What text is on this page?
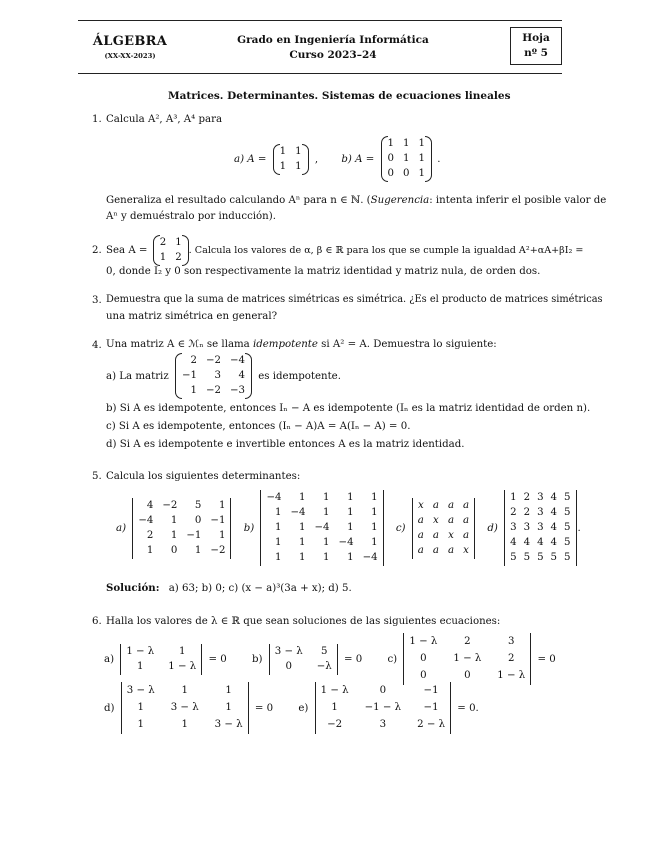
ÁLGEBRA
(XX-XX-2023)
Grado en Ingeniería Informática
Curso 2023–24
Hoja
nº 5
Matrices. Determinantes. Sistemas de ecuaciones lineales
1. Calcula A², A³, A⁴ para
a) A =
1 1
1 1
, b) A =
1 1 1
0 1 1
0 0 1
.
Generaliza el resultado calculando Aⁿ para n ∈ ℕ. (Sugerencia: intenta inferir el posible valor de
Aⁿ y demuéstralo por inducción).
2. Sea A =
2 1
1 2
. Calcula los valores de α, β ∈ ℝ para los que se cumple la igualdad A²+αA+βI₂ =
0, donde I₂ y 0 son respectivamente la matriz identidad y matriz nula, de orden dos.
3. Demuestra que la suma de matrices simétricas es simétrica. ¿Es el producto de matrices simétricas
una matriz simétrica en general?
4. Una matriz A ∈ ℳₙ se llama idempotente si A² = A. Demuestra lo siguiente:
a) La matriz
2 −2 −4
−1	3	4
1 −2 −3
es idempotente.
b) Si A es idempotente, entonces Iₙ − A es idempotente (Iₙ es la matriz identidad de orden n).
c) Si A es idempotente, entonces (Iₙ − A)A = A(Iₙ − A) = 0.
d) Si A es idempotente e invertible entonces A es la matriz identidad.
5. Calcula los siguientes determinantes:
a)
4 −2	5	1
−4	1	0 −1
2	1 −1	1
1	0	1 −2
b)
−4	1	1	1	1
1 −4	1	1	1
1	1 −4	1	1
1	1	1 −4	1
1	1	1	1 −4
c)
x a a a
a x a a
a a x a
a a a x
d)
1 2 3 4 5
2 2 3 4 5
3 3 3 4 5
4 4 4 4 5
5 5 5 5 5
.
Solución: a) 63; b) 0; c) (x − a)³(3a + x); d) 5.
6. Halla los valores de λ ∈ ℝ que sean soluciones de las siguientes ecuaciones:
a)
1 − λ	1
1	1 − λ
= 0 b)
3 − λ	5
0	−λ
= 0 c)
1 − λ	2	3
0	1 − λ	2
0	0	1 − λ
= 0
d)
3 − λ	1	1
1	3 − λ	1
1	1	3 − λ
= 0 e)
1 − λ	0	−1
1	−1 − λ	−1
−2	3	2 − λ
= 0.
